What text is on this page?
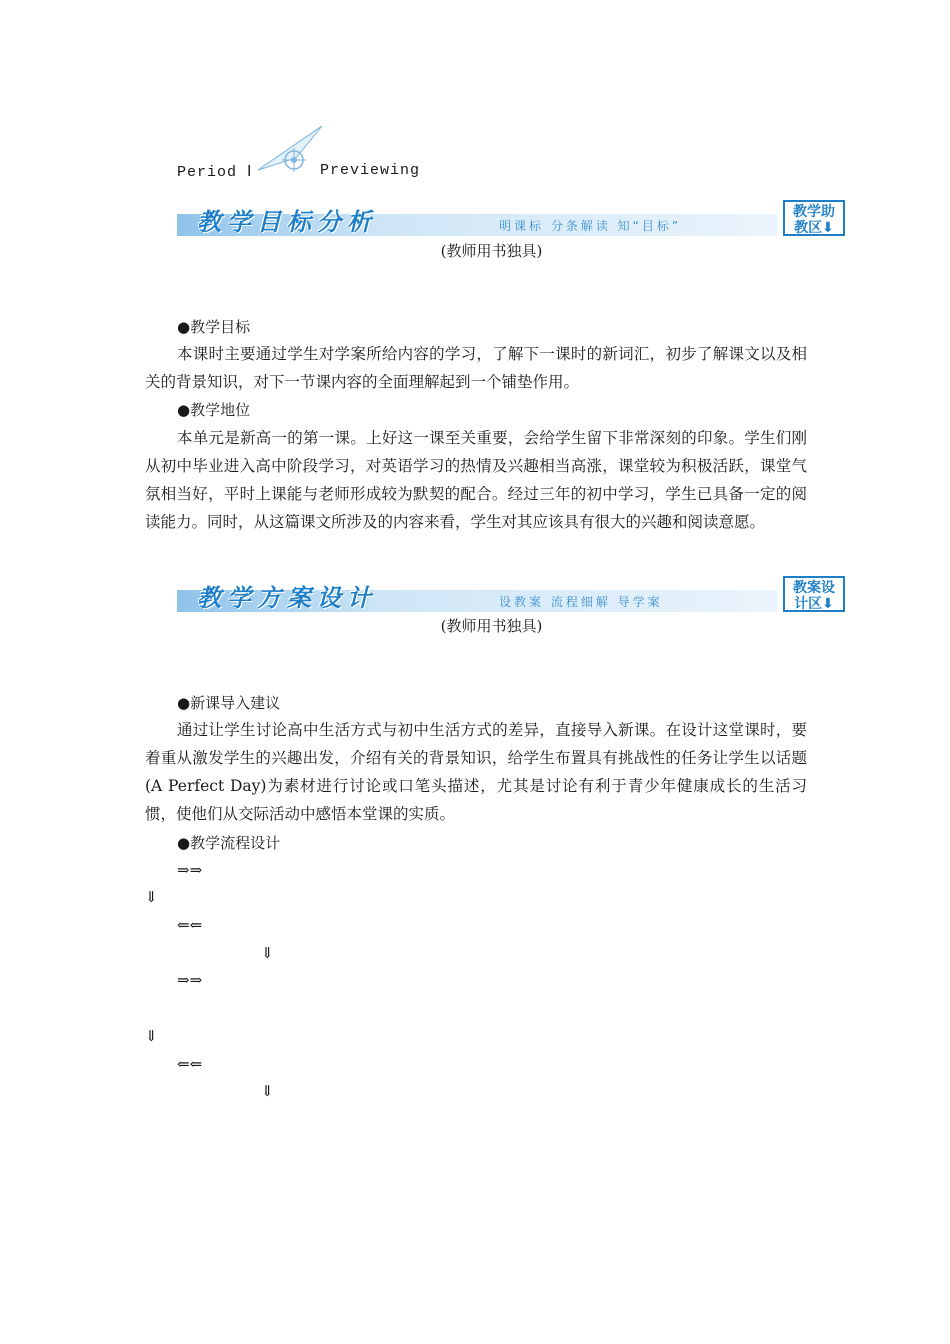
Period Ⅰ	Previewing
教学目标分析	明课标 分条解读 知“目标”
教学助
教区⬇
(教师用书独具)
●教学目标

本课时主要通过学生对学案所给内容的学习，了解下一课时的新词汇，初步了解课文以及相关的背景知识，对下一节课内容的全面理解起到一个铺垫作用。

●教学地位

本单元是新高一的第一课。上好这一课至关重要，会给学生留下非常深刻的印象。学生们刚从初中毕业进入高中阶段学习，对英语学习的热情及兴趣相当高涨，课堂较为积极活跃，课堂气氛相当好，平时上课能与老师形成较为默契的配合。经过三年的初中学习，学生已具备一定的阅读能力。同时，从这篇课文所涉及的内容来看，学生对其应该具有很大的兴趣和阅读意愿。

教学方案设计	设教案 流程细解 导学案
教案设
计区⬇
(教师用书独具)
●新课导入建议

通过让学生讨论高中生活方式与初中生活方式的差异，直接导入新课。在设计这堂课时，要着重从激发学生的兴趣出发，介绍有关的背景知识，给学生布置具有挑战性的任务让学生以话题(A Perfect Day)为素材进行讨论或口笔头描述，尤其是讨论有利于青少年健康成长的生活习惯，使他们从交际活动中感悟本堂课的实质。

●教学流程设计
⇒⇒
⇓
⇐⇐
⇓
⇒⇒
⇓
⇐⇐
⇓
